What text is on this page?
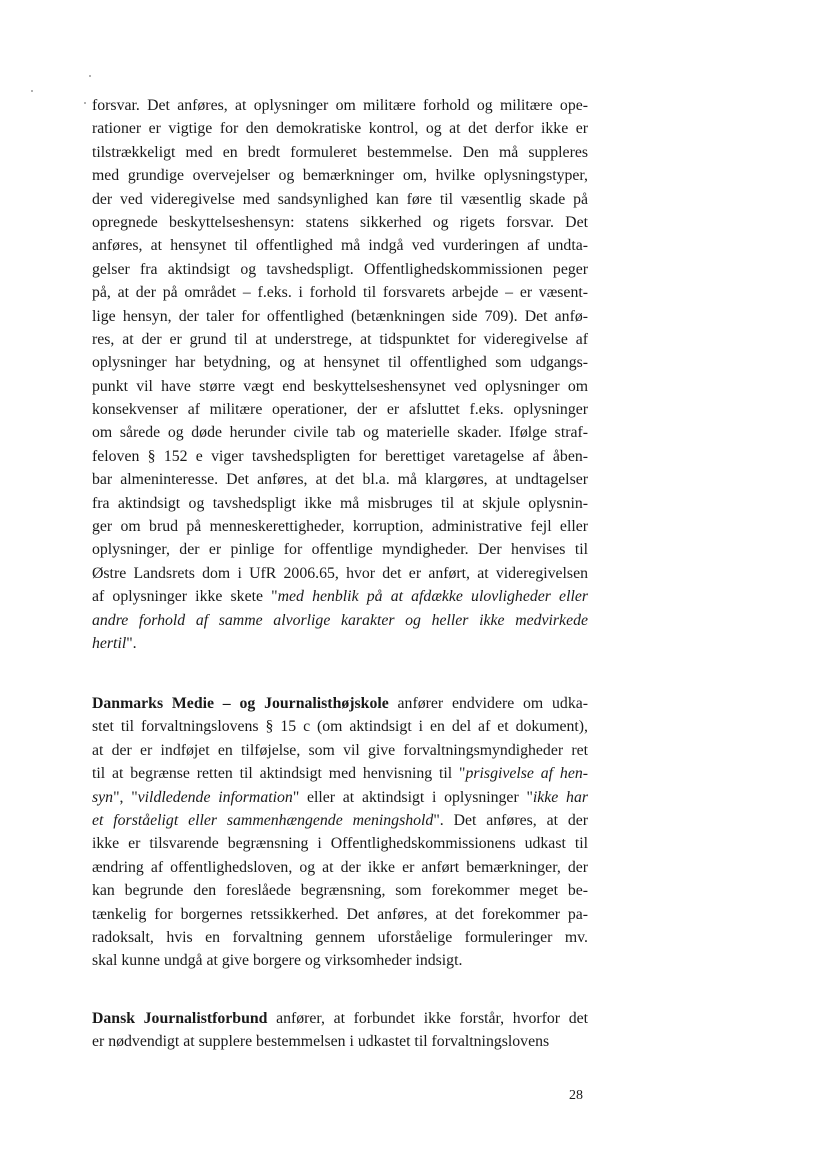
forsvar. Det anføres, at oplysninger om militære forhold og militære ope-
rationer er vigtige for den demokratiske kontrol, og at det derfor ikke er
tilstrækkeligt med en bredt formuleret bestemmelse. Den må suppleres
med grundige overvejelser og bemærkninger om, hvilke oplysningstyper,
der ved videregivelse med sandsynlighed kan føre til væsentlig skade på
opregnede beskyttelseshensyn: statens sikkerhed og rigets forsvar. Det
anføres, at hensynet til offentlighed må indgå ved vurderingen af undta-
gelser fra aktindsigt og tavshedspligt. Offentlighedskommissionen peger
på, at der på området – f.eks. i forhold til forsvarets arbejde – er væsent-
lige hensyn, der taler for offentlighed (betænkningen side 709). Det anfø-
res, at der er grund til at understrege, at tidspunktet for videregivelse af
oplysninger har betydning, og at hensynet til offentlighed som udgangs-
punkt vil have større vægt end beskyttelseshensynet ved oplysninger om
konsekvenser af militære operationer, der er afsluttet f.eks. oplysninger
om sårede og døde herunder civile tab og materielle skader. Ifølge straf-
feloven § 152 e viger tavshedspligten for berettiget varetagelse af åben-
bar almeninteresse. Det anføres, at det bl.a. må klargøres, at undtagelser
fra aktindsigt og tavshedspligt ikke må misbruges til at skjule oplysnin-
ger om brud på menneskerettigheder, korruption, administrative fejl eller
oplysninger, der er pinlige for offentlige myndigheder. Der henvises til
Østre Landsrets dom i UfR 2006.65, hvor det er anført, at videregivelsen
af oplysninger ikke skete "med henblik på at afdække ulovligheder eller
andre forhold af samme alvorlige karakter og heller ikke medvirkede
hertil".
Danmarks Medie – og Journalisthøjskole anfører endvidere om udka-
stet til forvaltningslovens § 15 c (om aktindsigt i en del af et dokument),
at der er indføjet en tilføjelse, som vil give forvaltningsmyndigheder ret
til at begrænse retten til aktindsigt med henvisning til "prisgivelse af hen-
syn", "vildledende information" eller at aktindsigt i oplysninger "ikke har
et forståeligt eller sammenhængende meningshold". Det anføres, at der
ikke er tilsvarende begrænsning i Offentlighedskommissionens udkast til
ændring af offentlighedsloven, og at der ikke er anført bemærkninger, der
kan begrunde den foreslåede begrænsning, som forekommer meget be-
tænkelig for borgernes retssikkerhed. Det anføres, at det forekommer pa-
radoksalt, hvis en forvaltning gennem uforståelige formuleringer mv.
skal kunne undgå at give borgere og virksomheder indsigt.
Dansk Journalistforbund anfører, at forbundet ikke forstår, hvorfor det
er nødvendigt at supplere bestemmelsen i udkastet til forvaltningslovens
28
